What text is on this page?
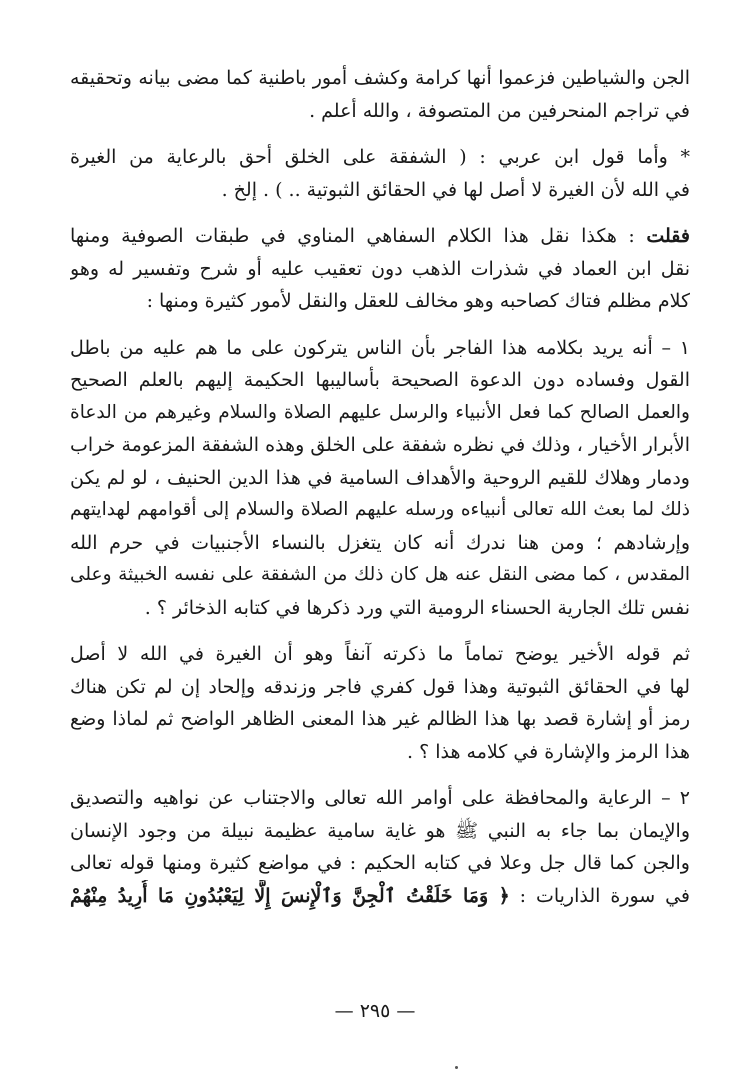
الجن والشياطين فزعموا أنها كرامة وكشف أمور باطنية كما مضى بيانه وتحقيقه
في تراجم المنحرفين من المتصوفة ، والله أعلم .

* وأما قول ابن عربي : ( الشفقة على الخلق أحق بالرعاية من الغيرة
في الله لأن الغيرة لا أصل لها في الحقائق الثبوتية .. ) . إلخ .

فقلت : هكذا نقل هذا الكلام السفاهي المناوي في طبقات الصوفية ومنها
نقل ابن العماد في شذرات الذهب دون تعقيب عليه أو شرح وتفسير له وهو
كلام مظلم فتاك كصاحبه وهو مخالف للعقل والنقل لأمور كثيرة ومنها :

١ – أنه يريد بكلامه هذا الفاجر بأن الناس يتركون على ما هم عليه من باطل
القول وفساده دون الدعوة الصحيحة بأساليبها الحكيمة إليهم بالعلم الصحيح
والعمل الصالح كما فعل الأنبياء والرسل عليهم الصلاة والسلام وغيرهم من الدعاة
الأبرار الأخيار ، وذلك في نظره شفقة على الخلق وهذه الشفقة المزعومة خراب
ودمار وهلاك للقيم الروحية والأهداف السامية في هذا الدين الحنيف ، لو لم يكن
ذلك لما بعث الله تعالى أنبياءه ورسله عليهم الصلاة والسلام إلى أقوامهم لهدايتهم
وإرشادهم ؛ ومن هنا ندرك أنه كان يتغزل بالنساء الأجنبيات في حرم الله
المقدس ، كما مضى النقل عنه هل كان ذلك من الشفقة على نفسه الخبيثة وعلى
نفس تلك الجارية الحسناء الرومية التي ورد ذكرها في كتابه الذخائر ؟ .

ثم قوله الأخير يوضح تماماً ما ذكرته آنفاً وهو أن الغيرة في الله لا أصل
لها في الحقائق الثبوتية وهذا قول كفري فاجر وزندقه وإلحاد إن لم تكن هناك
رمز أو إشارة قصد بها هذا الظالم غير هذا المعنى الظاهر الواضح ثم لماذا وضع
هذا الرمز والإشارة في كلامه هذا ؟ .

٢ – الرعاية والمحافظة على أوامر الله تعالى والاجتناب عن نواهيه والتصديق
والإيمان بما جاء به النبي ﷺ هو غاية سامية عظيمة نبيلة من وجود الإنسان
والجن كما قال جل وعلا في كتابه الحكيم : في مواضع كثيرة ومنها قوله تعالى
في سورة الذاريات : ﴿ وَمَا خَلَقْتُ ٱلْجِنَّ وَٱلْإِنسَ إِلَّا لِيَعْبُدُونِ مَا أُرِيدُ مِنْهُمْ

— ٢٩٥ —
